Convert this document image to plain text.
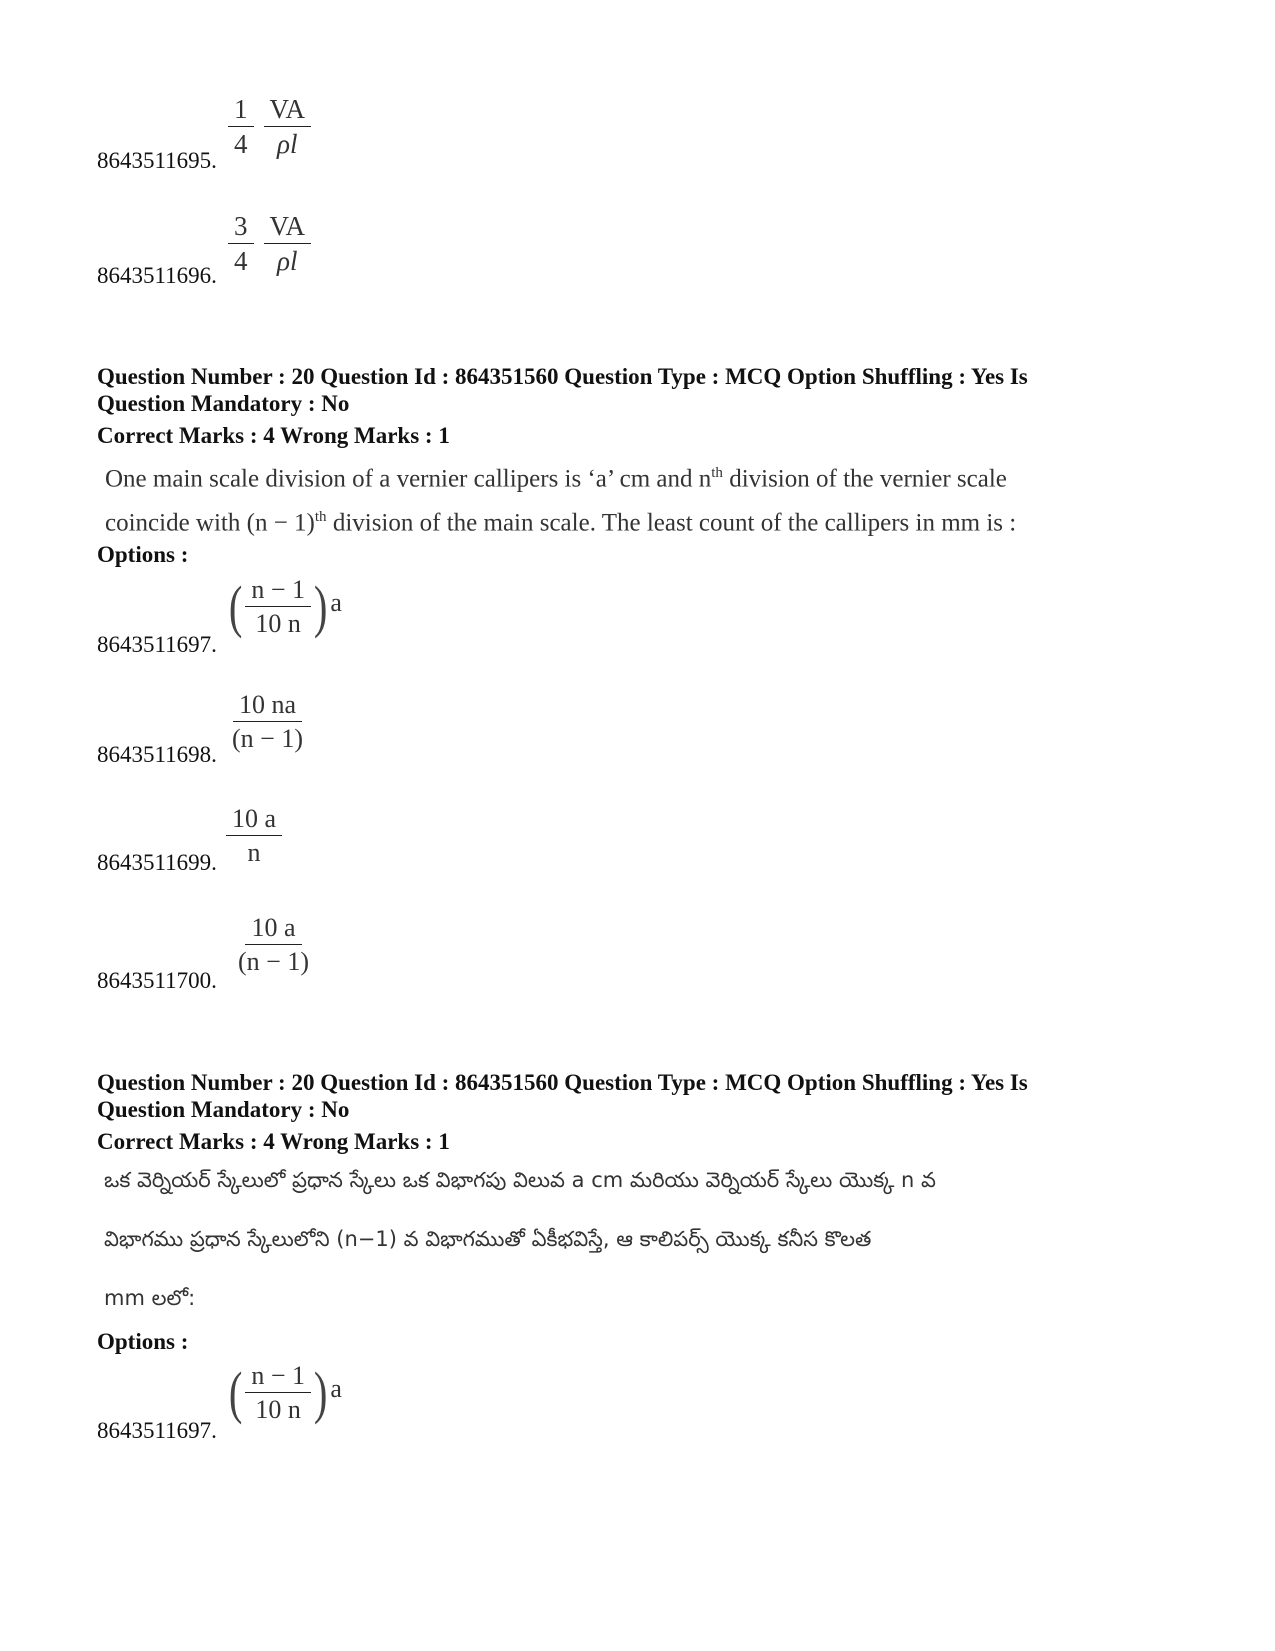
$\frac{1}{4} \frac{VA}{\rho l}$
8643511695.
$\frac{3}{4} \frac{VA}{\rho l}$
8643511696.
Question Number : 20 Question Id : 864351560 Question Type : MCQ Option Shuffling : Yes Is
Question Mandatory : No
Correct Marks : 4 Wrong Marks : 1
One main scale division of a vernier callipers is ‘a’ cm and $n^{th}$ division of the vernier scale
coincide with $(n - 1)^{th}$ division of the main scale. The least count of the callipers in mm is :
Options :
( $\frac{n - 1}{10 n}$ ) a
8643511697.
$\frac{10 na}{(n - 1)}$
8643511698.
$\frac{10 a}{n}$
8643511699.
$\frac{10 a}{(n - 1)}$
8643511700.
Question Number : 20 Question Id : 864351560 Question Type : MCQ Option Shuffling : Yes Is
Question Mandatory : No
Correct Marks : 4 Wrong Marks : 1
ఒక వెర్నియర్ స్కేలులో ప్రధాన స్కేలు ఒక విభాగపు విలువ a cm మరియు వెర్నియర్ స్కేలు యొక్క n వ
విభాగము ప్రధాన స్కేలులోని (n−1) వ విభాగముతో ఏకీభవిస్తే, ఆ కాలిపర్స్ యొక్క కనీస కొలత
mm లలో:
Options :
( $\frac{n - 1}{10 n}$ ) a
8643511697.
